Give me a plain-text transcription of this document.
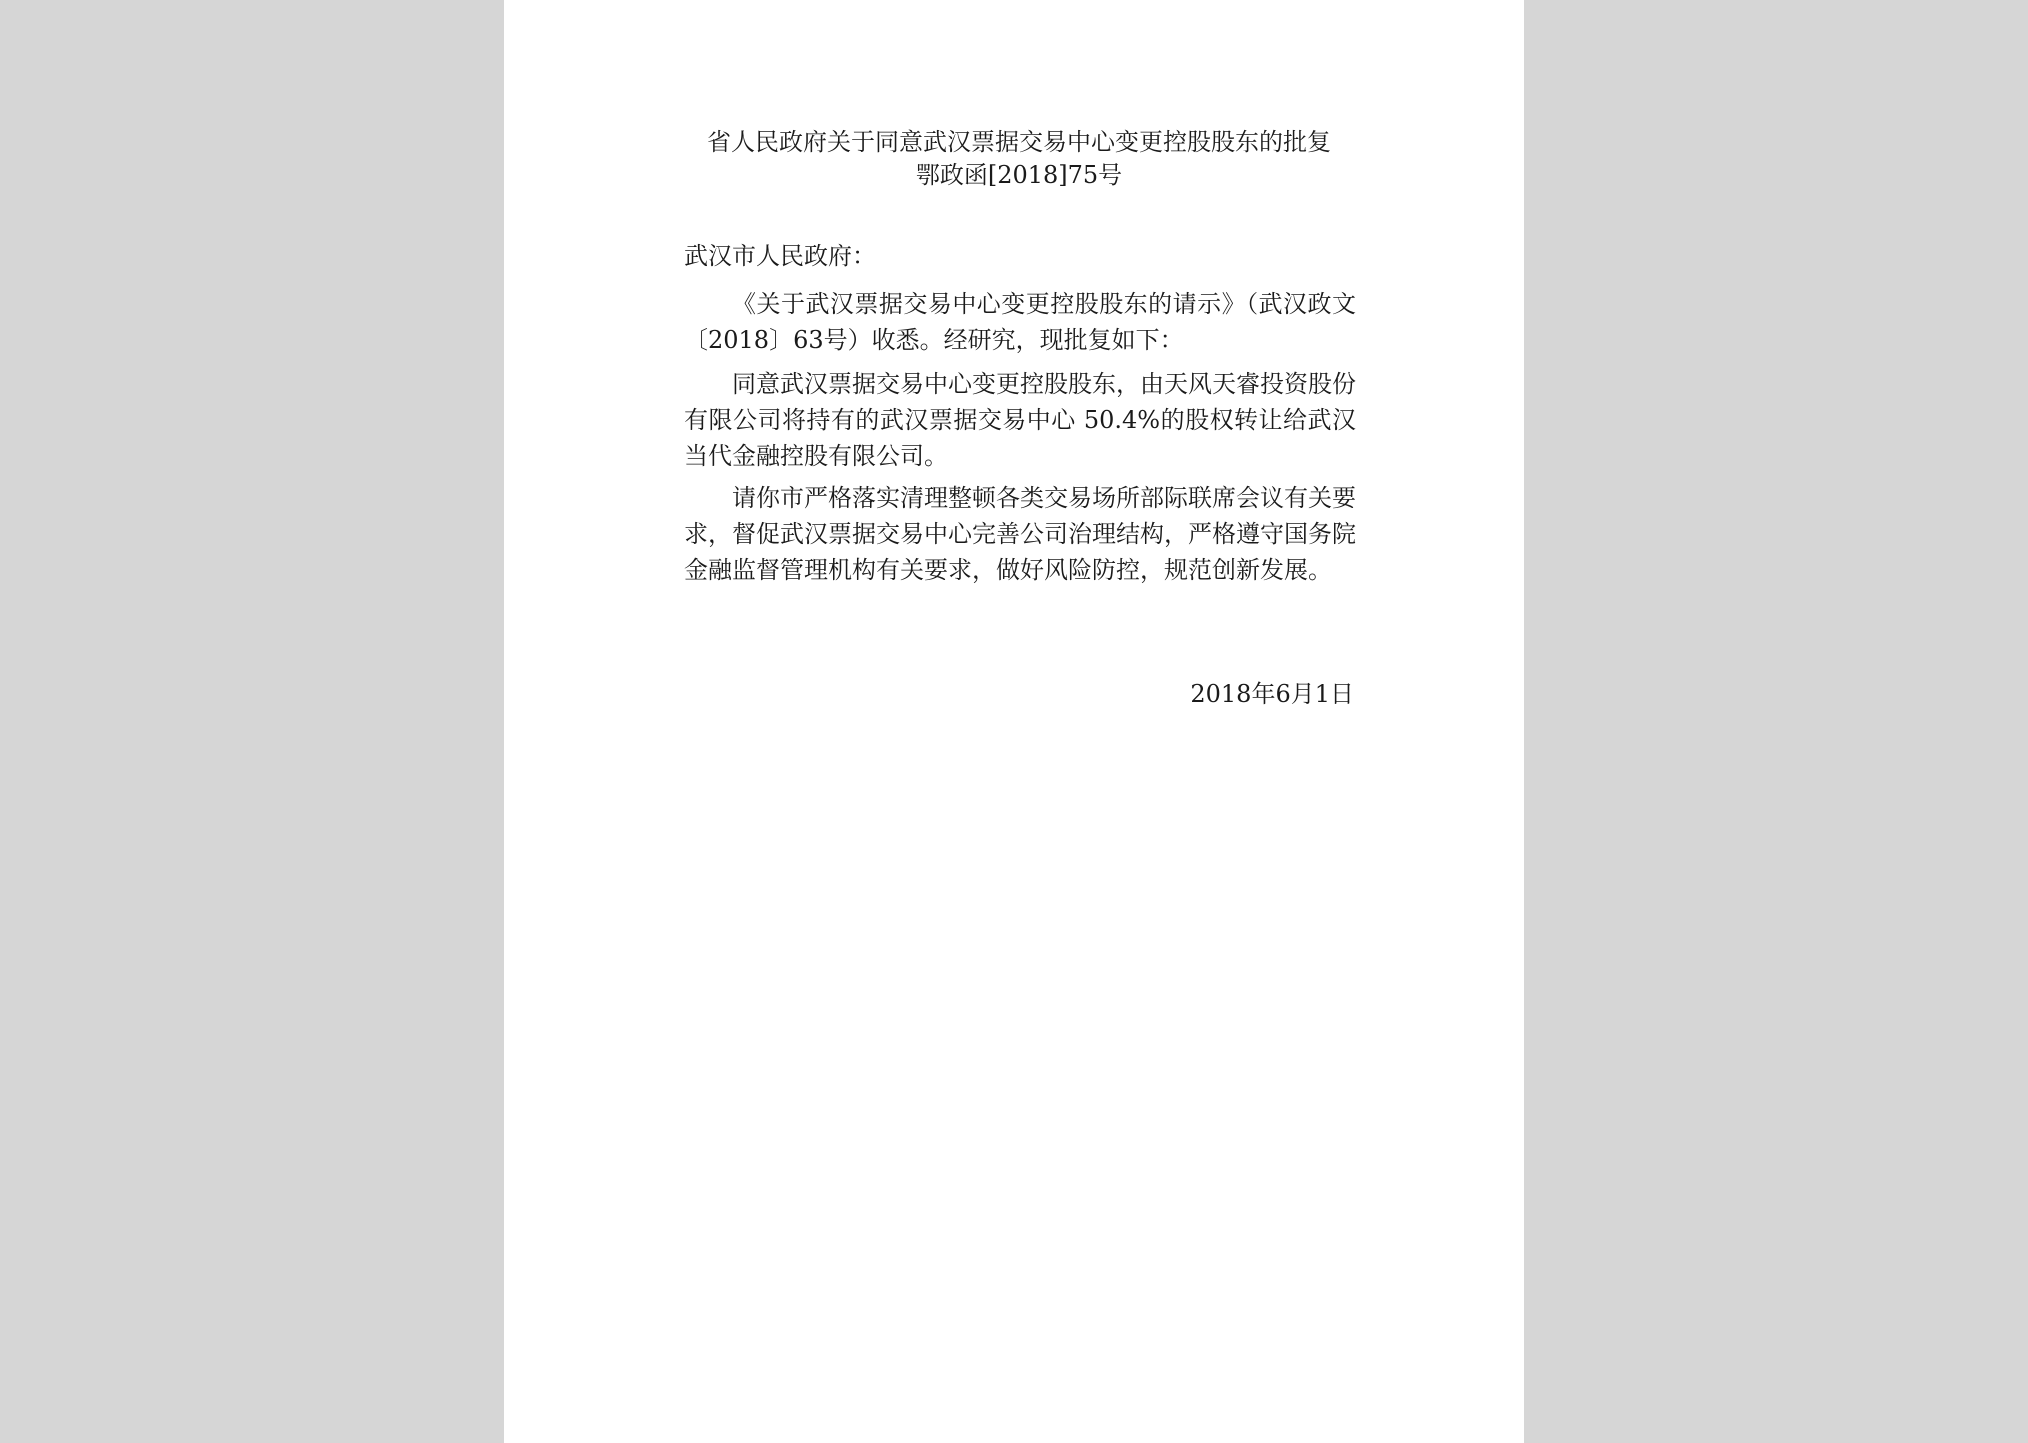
省人民政府关于同意武汉票据交易中心变更控股股东的批复
鄂政函[2018]75号
武汉市人民政府：

《关于武汉票据交易中心变更控股股东的请示》（武汉政文〔2018〕63号）收悉。经研究，现批复如下：

同意武汉票据交易中心变更控股股东，由天风天睿投资股份有限公司将持有的武汉票据交易中心 50.4%的股权转让给武汉当代金融控股有限公司。

请你市严格落实清理整顿各类交易场所部际联席会议有关要求，督促武汉票据交易中心完善公司治理结构，严格遵守国务院金融监督管理机构有关要求，做好风险防控，规范创新发展。

2018年6月1日
